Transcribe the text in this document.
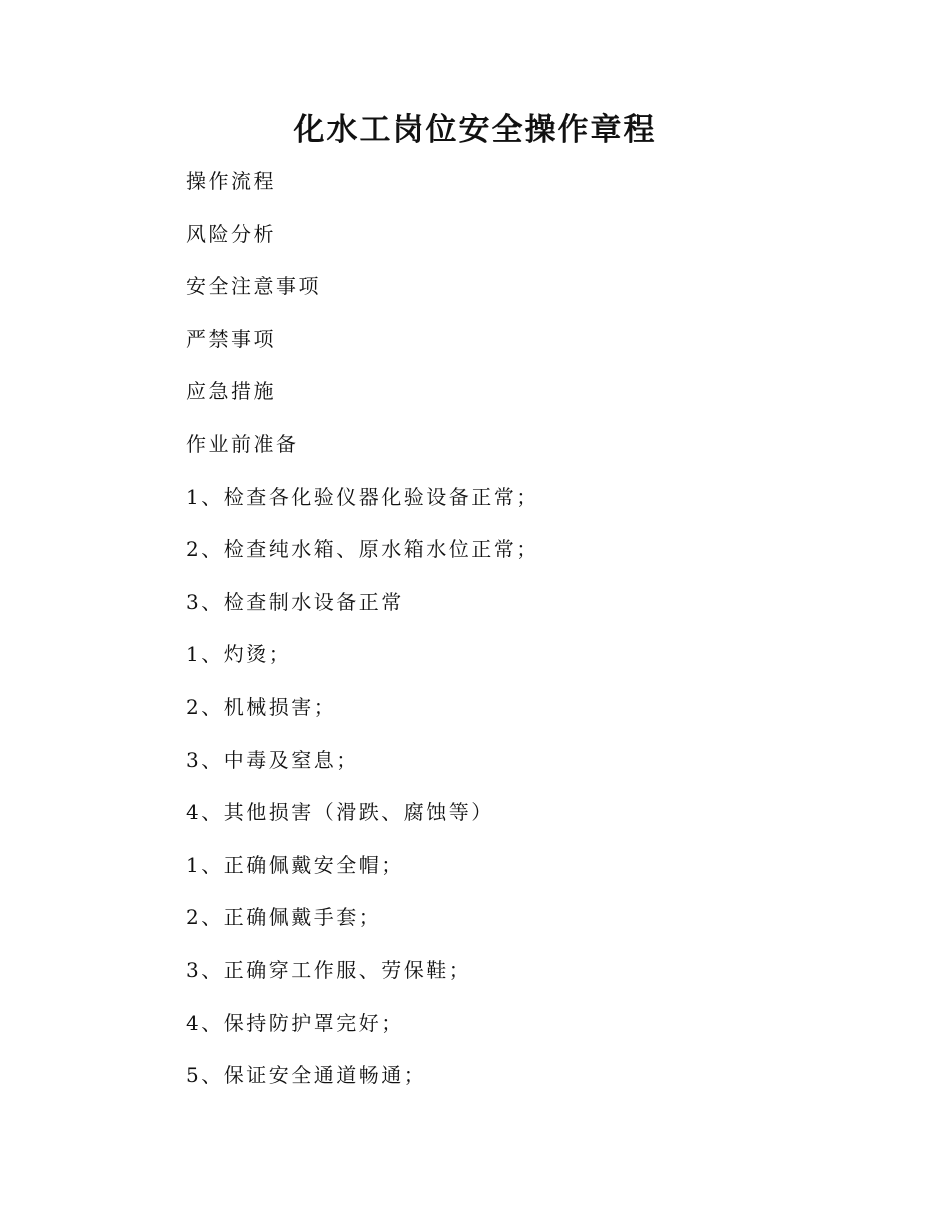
化水工岗位安全操作章程
操作流程
风险分析
安全注意事项
严禁事项
应急措施
作业前准备
1、检查各化验仪器化验设备正常；
2、检查纯水箱、原水箱水位正常；
3、检查制水设备正常
1、灼烫；
2、机械损害；
3、中毒及窒息；
4、其他损害（滑跌、腐蚀等）
1、正确佩戴安全帽；
2、正确佩戴手套；
3、正确穿工作服、劳保鞋；
4、保持防护罩完好；
5、保证安全通道畅通；
